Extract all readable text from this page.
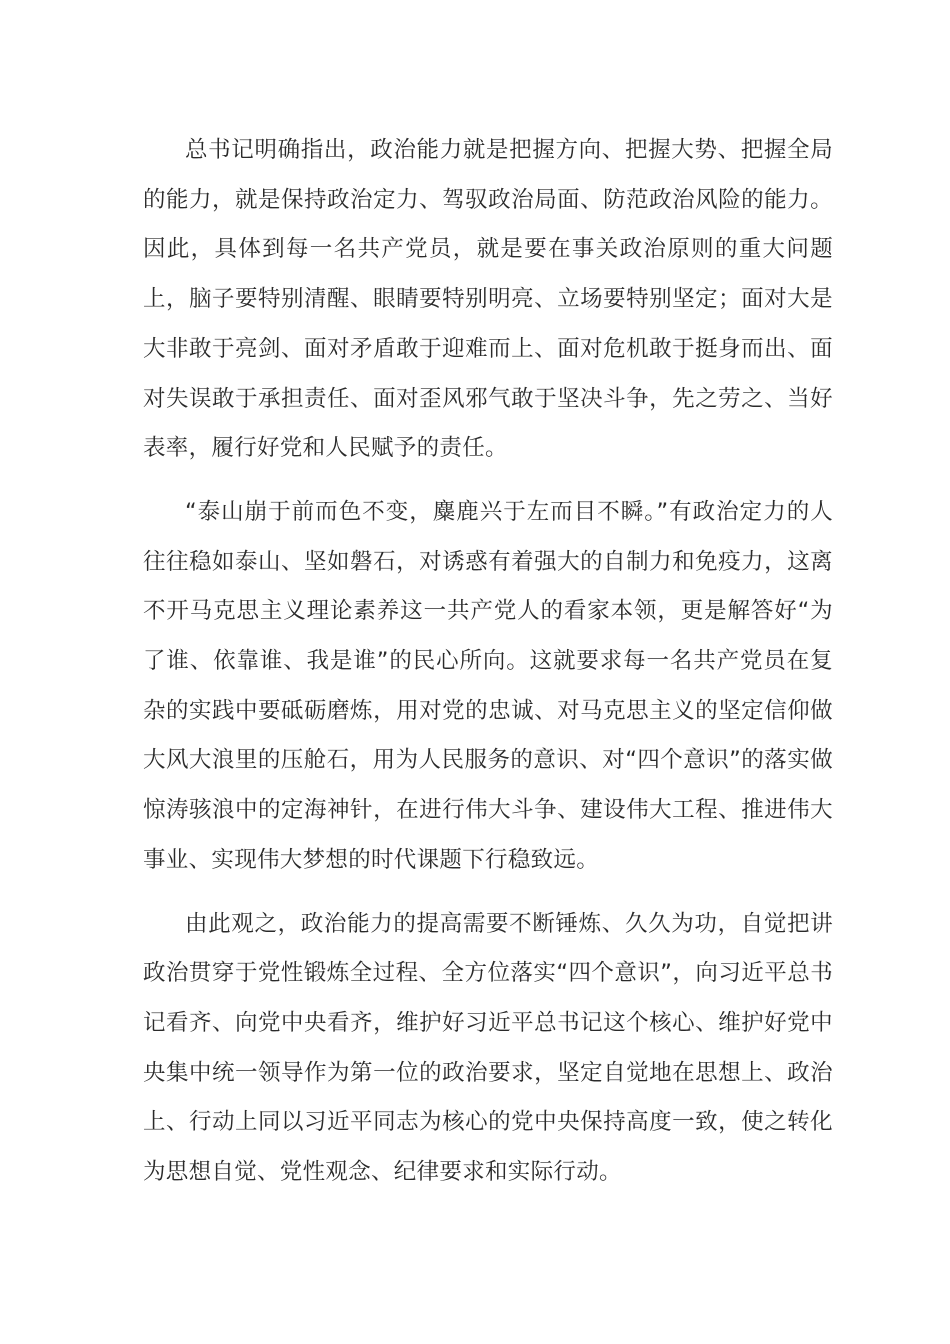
总书记明确指出，政治能力就是把握方向、把握大势、把握全局的能力，就是保持政治定力、驾驭政治局面、防范政治风险的能力。因此，具体到每一名共产党员，就是要在事关政治原则的重大问题上，脑子要特别清醒、眼睛要特别明亮、立场要特别坚定；面对大是大非敢于亮剑、面对矛盾敢于迎难而上、面对危机敢于挺身而出、面对失误敢于承担责任、面对歪风邪气敢于坚决斗争，先之劳之、当好表率，履行好党和人民赋予的责任。

“泰山崩于前而色不变，麋鹿兴于左而目不瞬。”有政治定力的人往往稳如泰山、坚如磐石，对诱惑有着强大的自制力和免疫力，这离不开马克思主义理论素养这一共产党人的看家本领，更是解答好“为了谁、依靠谁、我是谁”的民心所向。这就要求每一名共产党员在复杂的实践中要砥砺磨炼，用对党的忠诚、对马克思主义的坚定信仰做大风大浪里的压舱石，用为人民服务的意识、对“四个意识”的落实做惊涛骇浪中的定海神针，在进行伟大斗争、建设伟大工程、推进伟大事业、实现伟大梦想的时代课题下行稳致远。

由此观之，政治能力的提高需要不断锤炼、久久为功，自觉把讲政治贯穿于党性锻炼全过程、全方位落实“四个意识”，向习近平总书记看齐、向党中央看齐，维护好习近平总书记这个核心、维护好党中央集中统一领导作为第一位的政治要求，坚定自觉地在思想上、政治上、行动上同以习近平同志为核心的党中央保持高度一致，使之转化为思想自觉、党性观念、纪律要求和实际行动。
